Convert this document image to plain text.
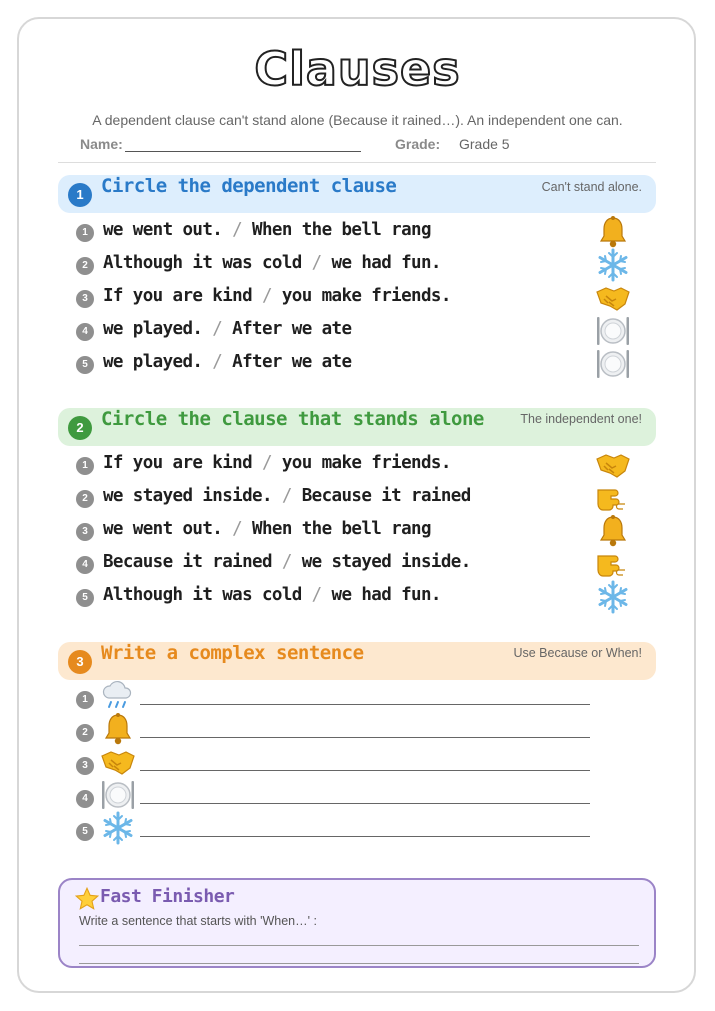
Clauses
A dependent clause can't stand alone (Because it rained…). An independent one can.
Name:	Grade: Grade 5
1 Circle the dependent clause	Can't stand alone.
1 we went out. / When the bell rang
2 Although it was cold / we had fun.
3 If you are kind / you make friends.
4 we played. / After we ate
5 we played. / After we ate
2 Circle the clause that stands alone	The independent one!
1 If you are kind / you make friends.
2 we stayed inside. / Because it rained
3 we went out. / When the bell rang
4 Because it rained / we stayed inside.
5 Although it was cold / we had fun.
3 Write a complex sentence	Use Because or When!
1
2
3
4
5
Fast Finisher
Write a sentence that starts with 'When…' :
